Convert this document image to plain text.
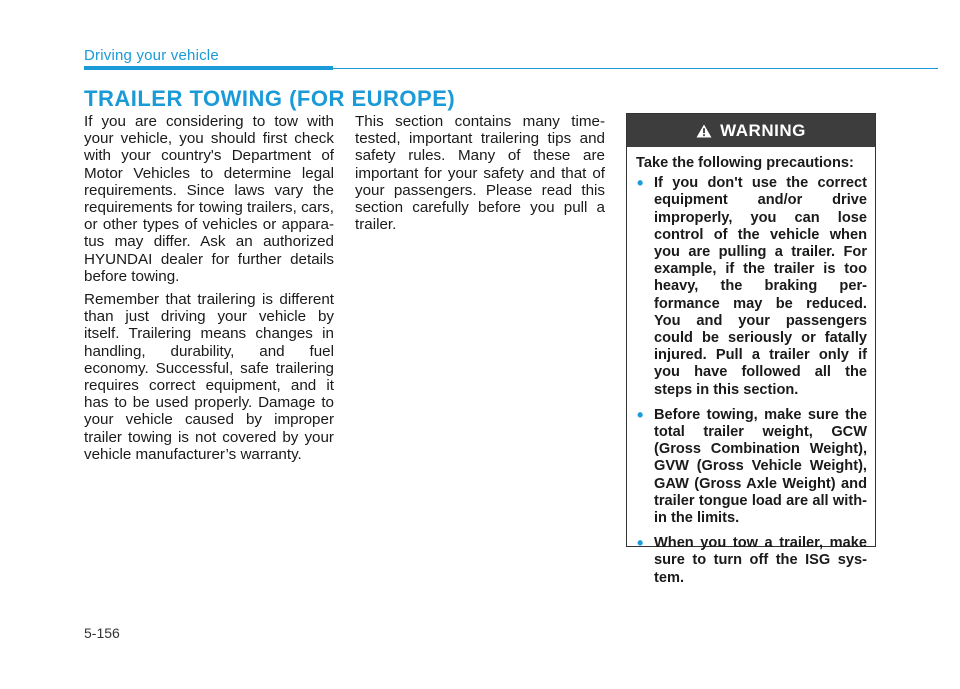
Driving your vehicle
TRAILER TOWING (FOR EUROPE)

If you are considering to tow with your vehicle, you should first check with your country's Department of Motor Vehicles to determine legal requirements. Since laws vary the requirements for towing trailers, cars, or other types of vehicles or apparatus may differ. Ask an authorized HYUNDAI dealer for further details before towing.

Remember that trailering is different than just driving your vehicle by itself. Trailering means changes in handling, durability, and fuel economy. Successful, safe trailering requires correct equipment, and it has to be used properly. Damage to your vehicle caused by improper trailer towing is not covered by your vehicle manufacturer’s warranty.

This section contains many timetested, important trailering tips and safety rules. Many of these are important for your safety and that of your passengers. Please read this section carefully before you pull a trailer.

WARNING
Take the following precautions:
• If you don't use the correct equipment and/or drive improperly, you can lose control of the vehicle when you are pulling a trailer. For example, if the trailer is too heavy, the braking performance may be reduced. You and your passengers could be seriously or fatally injured. Pull a trailer only if you have followed all the steps in this section.
• Before towing, make sure the total trailer weight, GCW (Gross Combination Weight), GVW (Gross Vehicle Weight), GAW (Gross Axle Weight) and trailer tongue load are all within the limits.
• When you tow a trailer, make sure to turn off the ISG system.
5-156
